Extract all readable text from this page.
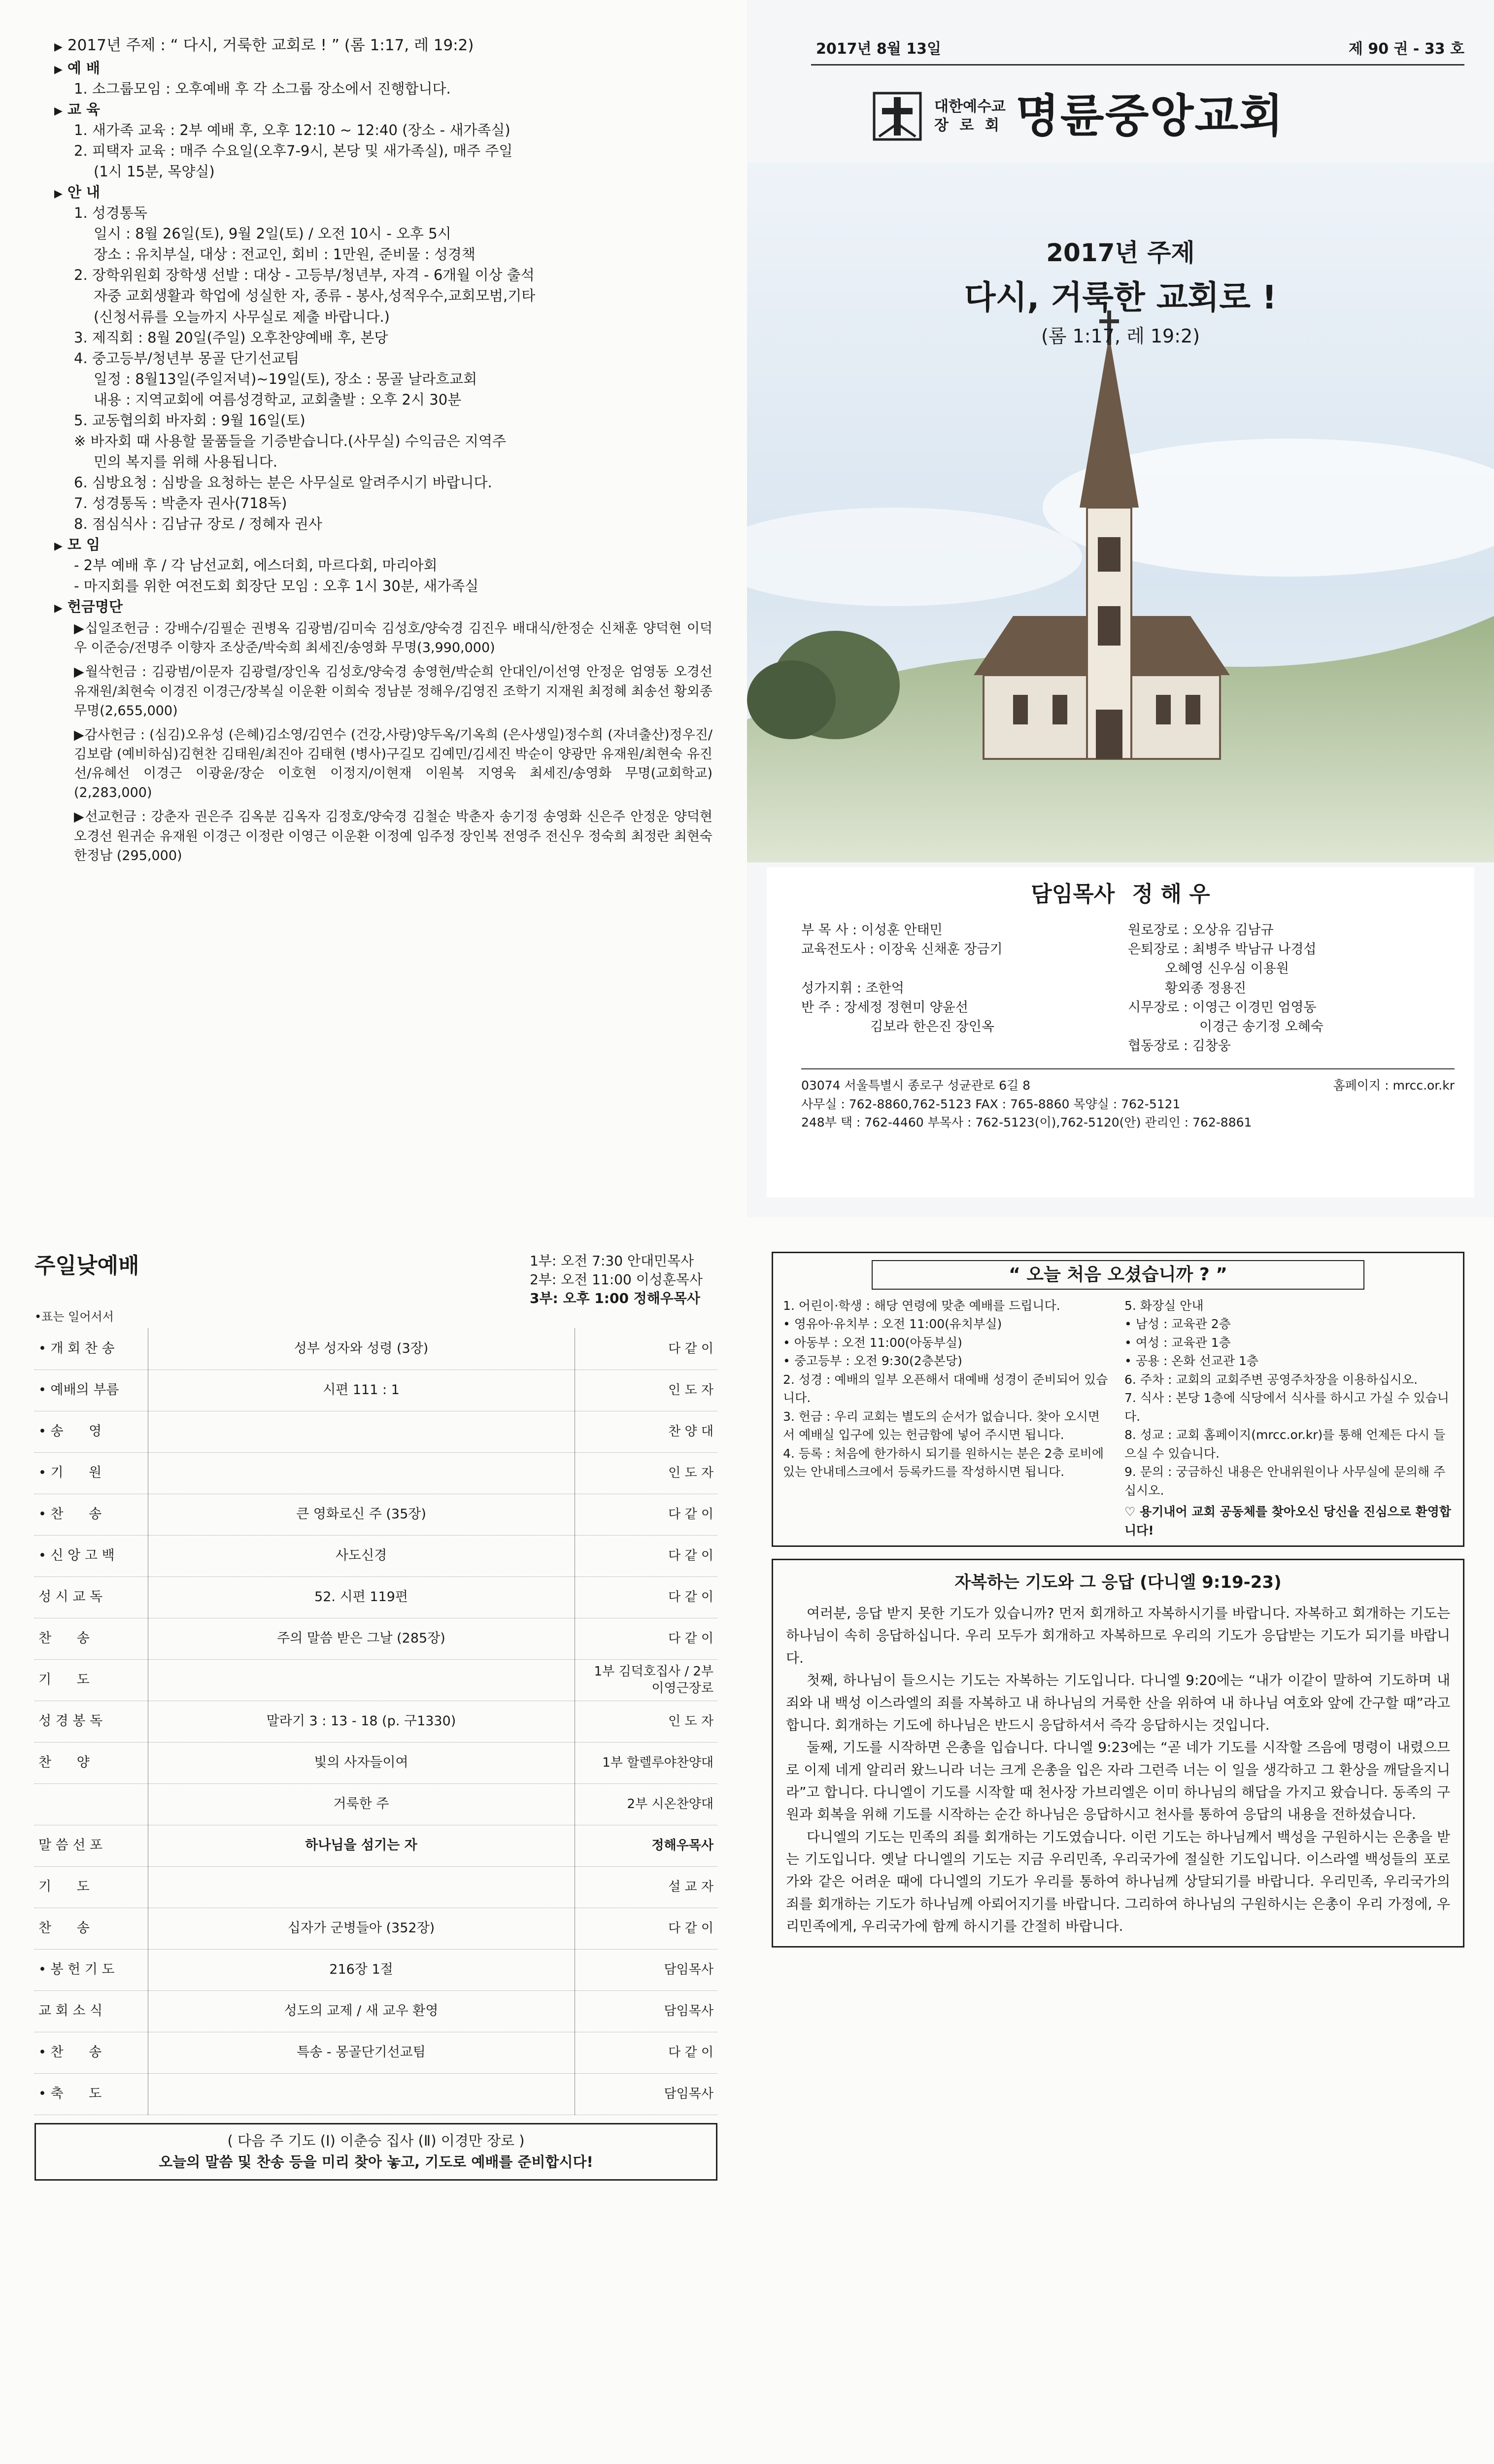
▶ 2017년 주제 : “ 다시, 거룩한 교회로 ! ” (롬 1:17, 레 19:2)
▶ 예 배
1. 소그룹모임 : 오후예배 후 각 소그룹 장소에서 진행합니다.
▶ 교 육
1. 새가족 교육 : 2부 예배 후, 오후 12:10 ~ 12:40 (장소 - 새가족실)
2. 피택자 교육 : 매주 수요일(오후7-9시, 본당 및 새가족실), 매주 주일
(1시 15분, 목양실)
▶ 안 내
1. 성경통독
일시 : 8월 26일(토), 9월 2일(토) / 오전 10시 - 오후 5시
장소 : 유치부실, 대상 : 전교인, 회비 : 1만원, 준비물 : 성경책
2. 장학위원회 장학생 선발 : 대상 - 고등부/청년부, 자격 - 6개월 이상 출석
자중 교회생활과 학업에 성실한 자, 종류 - 봉사,성적우수,교회모범,기타
(신청서류를 오늘까지 사무실로 제출 바랍니다.)
3. 제직회 : 8월 20일(주일) 오후찬양예배 후, 본당
4. 중고등부/청년부 몽골 단기선교팀
일정 : 8월13일(주일저녁)~19일(토), 장소 : 몽골 날라흐교회
내용 : 지역교회에 여름성경학교, 교회출발 : 오후 2시 30분
5. 교동협의회 바자회 : 9월 16일(토)
※ 바자회 때 사용할 물품들을 기증받습니다.(사무실) 수익금은 지역주
민의 복지를 위해 사용됩니다.
6. 심방요청 : 심방을 요청하는 분은 사무실로 알려주시기 바랍니다.
7. 성경통독 : 박춘자 권사(718독)
8. 점심식사 : 김남규 장로 / 정혜자 권사
▶ 모 임
- 2부 예배 후 / 각 남선교회, 에스더회, 마르다회, 마리아회
- 마지회를 위한 여전도회 회장단 모임 : 오후 1시 30분, 새가족실
▶ 헌금명단
▶십일조헌금 : 강배수/김필순 권병옥 김광범/김미숙 김성호/양숙경 김진우 배대식/한정순 신채훈 양덕현 이덕우 이준승/전명주 이향자 조상준/박숙희 최세진/송영화 무명(3,990,000)
▶월삭헌금 : 김광범/이문자 김광렬/장인옥 김성호/양숙경 송영현/박순희 안대인/이선영 안정운 엄영동 오경선 유재원/최현숙 이경진 이경근/장복실 이운환 이희숙 정남분 정해우/김영진 조학기 지재원 최정혜 최송선 황외종 무명(2,655,000)
▶감사헌금 : (심김)오유성 (은혜)김소영/김연수 (건강,사랑)양두옥/기옥희 (은사생일)정수희 (자녀출산)정우진/김보람 (예비하심)김현찬 김태원/최진아 김태현 (병사)구길모 김예민/김세진 박순이 양광만 유재원/최현숙 유진선/유혜선 이경근 이광윤/장순 이호현 이정지/이현재 이원복 지영욱 최세진/송영화 무명(교회학교)(2,283,000)
▶선교헌금 : 강춘자 권은주 김옥분 김옥자 김정호/양숙경 김철순 박춘자 송기정 송영화 신은주 안정운 양덕현 오경선 원귀순 유재원 이경근 이정란 이영근 이운환 이정예 임주정 장인복 전영주 전신우 정숙희 최정란 최현숙 한정남 (295,000)
2017년 8월 13일	제 90 권 - 33 호
대한예수교
장 로 회 명륜중앙교회
2017년 주제
다시, 거룩한 교회로 !
(롬 1:17, 레 19:2)
담임목사 정 해 우
부 목 사 : 이성훈 안태민	원로장로 : 오상유 김남규
교육전도사 : 이장욱 신채훈 장금기	은퇴장로 : 최병주 박남규 나경섭
오혜영 신우심 이용원
성가지휘 : 조한억	황외종 정용진
반 주 : 장세정 정현미 양윤선	시무장로 : 이영근 이경민 엄영동
김보라 한은진 장인옥	이경근 송기정 오혜숙
협동장로 : 김창웅
03074 서울특별시 종로구 성균관로 6길 8	홈페이지 : mrcc.or.kr
사무실 : 762-8860,762-5123 FAX : 765-8860 목양실 : 762-5121
248부 택 : 762-4460 부목사 : 762-5123(이),762-5120(안) 관리인 : 762-8861
주일낮예배	1부: 오전 7:30 안대민목사
2부: 오전 11:00 이성훈목사
3부: 오후 1:00 정해우목사
•표는 일어서서
• 개 회 찬 송	성부 성자와 성령 (3장)	다 같 이
• 예배의 부름	시편 111 : 1	인 도 자
• 송      영		찬 양 대
• 기      원		인 도 자
• 찬      송	큰 영화로신 주 (35장)	다 같 이
• 신 앙 고 백	사도신경	다 같 이
성 시 교 독	52. 시편 119편	다 같 이
찬      송	주의 말씀 받은 그날 (285장)	다 같 이
기      도		1부 김덕호집사 / 2부 이영근장로
성 경 봉 독	말라기 3 : 13 - 18 (p. 구1330)	인 도 자
찬      양	빛의 사자들이여	1부 할렐루야찬양대
	거룩한 주	2부 시온찬양대
말 씀 선 포	하나님을 섬기는 자	정해우목사
기      도		설 교 자
찬      송	십자가 군병들아 (352장)	다 같 이
• 봉 헌 기 도	216장 1절	담임목사
교 회 소 식	성도의 교제 / 새 교우 환영	담임목사
• 찬      송	특송 - 몽골단기선교팀	다 같 이
• 축      도		담임목사
( 다음 주 기도 (Ⅰ) 이춘승 집사 (Ⅱ) 이경만 장로 )
오늘의 말씀 및 찬송 등을 미리 찾아 놓고, 기도로 예배를 준비합시다!
“ 오늘 처음 오셨습니까 ? ”
1. 어린이·학생 : 해당 연령에 맞춘 예배를 드립니다.
• 영유아·유치부 : 오전 11:00(유치부실)
• 아동부 : 오전 11:00(아동부실)
• 중고등부 : 오전 9:30(2층본당)
2. 성경 : 예배의 일부 오픈해서 대예배 성경이 준비되어 있습니다.
3. 헌금 : 우리 교회는 별도의 순서가 없습니다. 찾아 오시면서 예배실 입구에 있는 헌금함에 넣어 주시면 됩니다.
4. 등록 : 처음에 한가하시 되기를 원하시는 분은 2층 로비에 있는 안내데스크에서 등록카드를 작성하시면 됩니다.
5. 화장실 안내
• 남성 : 교육관 2층
• 여성 : 교육관 1층
• 공용 : 온화 선교관 1층
6. 주차 : 교회의 교회주변 공영주차장을 이용하십시오.
7. 식사 : 본당 1층에 식당에서 식사를 하시고 가실 수 있습니다.
8. 성교 : 교회 홈페이지(mrcc.or.kr)를 통해 언제든 다시 들으실 수 있습니다.
9. 문의 : 궁금하신 내용은 안내위원이나 사무실에 문의해 주십시오.
♡ 용기내어 교회 공동체를 찾아오신 당신을 진심으로 환영합니다!
자복하는 기도와 그 응답 (다니엘 9:19-23)

여러분, 응답 받지 못한 기도가 있습니까? 먼저 회개하고 자복하시기를 바랍니다. 자복하고 회개하는 기도는 하나님이 속히 응답하십니다. 우리 모두가 회개하고 자복하므로 우리의 기도가 응답받는 기도가 되기를 바랍니다.

첫째, 하나님이 들으시는 기도는 자복하는 기도입니다. 다니엘 9:20에는 “내가 이같이 말하여 기도하며 내 죄와 내 백성 이스라엘의 죄를 자복하고 내 하나님의 거룩한 산을 위하여 내 하나님 여호와 앞에 간구할 때”라고 합니다. 회개하는 기도에 하나님은 반드시 응답하셔서 즉각 응답하시는 것입니다.

둘째, 기도를 시작하면 은총을 입습니다. 다니엘 9:23에는 “곧 네가 기도를 시작할 즈음에 명령이 내렸으므로 이제 네게 알리러 왔느니라 너는 크게 은총을 입은 자라 그런즉 너는 이 일을 생각하고 그 환상을 깨달을지니라”고 합니다. 다니엘이 기도를 시작할 때 천사장 가브리엘은 이미 하나님의 해답을 가지고 왔습니다. 동족의 구원과 회복을 위해 기도를 시작하는 순간 하나님은 응답하시고 천사를 통하여 응답의 내용을 전하셨습니다.

다니엘의 기도는 민족의 죄를 회개하는 기도였습니다. 이런 기도는 하나님께서 백성을 구원하시는 은총을 받는 기도입니다. 옛날 다니엘의 기도는 지금 우리민족, 우리국가에 절실한 기도입니다. 이스라엘 백성들의 포로가와 같은 어려운 때에 다니엘의 기도가 우리를 통하여 하나님께 상달되기를 바랍니다. 우리민족, 우리국가의 죄를 회개하는 기도가 하나님께 아뢰어지기를 바랍니다. 그리하여 하나님의 구원하시는 은총이 우리 가정에, 우리민족에게, 우리국가에 함께 하시기를 간절히 바랍니다.
